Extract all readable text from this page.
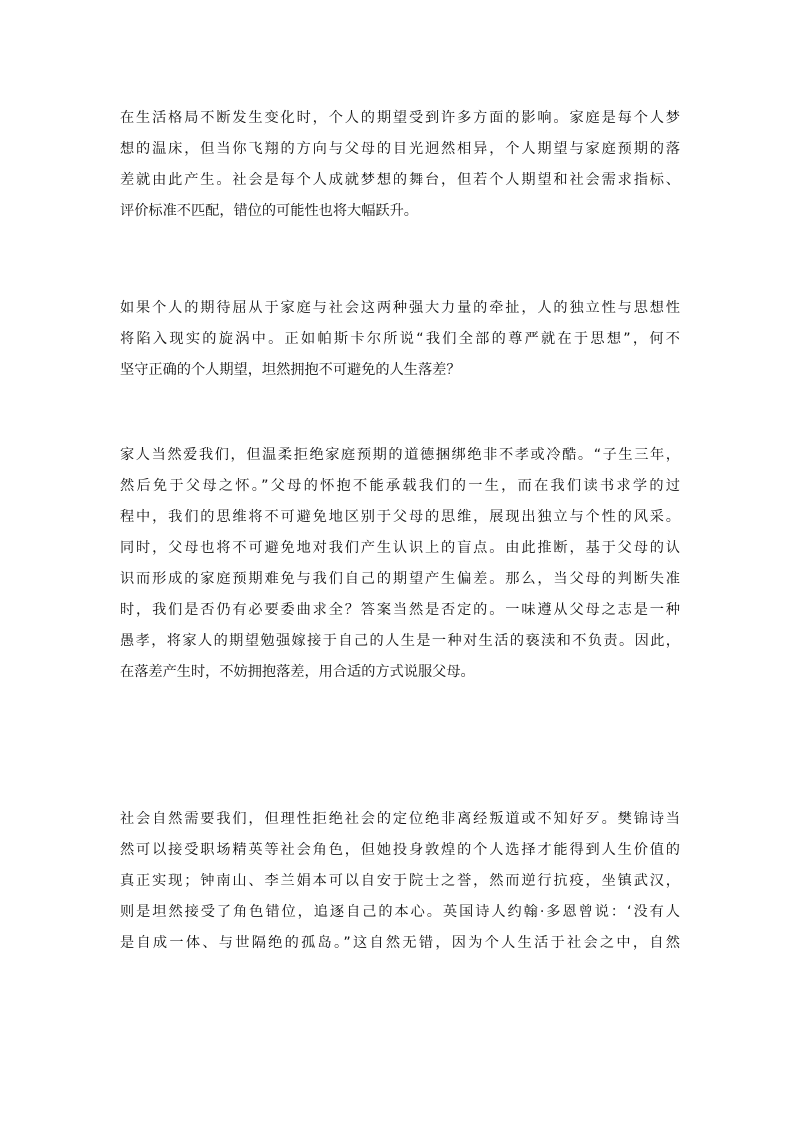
在生活格局不断发生变化时，个人的期望受到许多方面的影响。家庭是每个人梦
想的温床，但当你飞翔的方向与父母的目光迥然相异，个人期望与家庭预期的落
差就由此产生。社会是每个人成就梦想的舞台，但若个人期望和社会需求指标、
评价标准不匹配，错位的可能性也将大幅跃升。
如果个人的期待屈从于家庭与社会这两种强大力量的牵扯，人的独立性与思想性
将陷入现实的旋涡中。正如帕斯卡尔所说“我们全部的尊严就在于思想”，何不
坚守正确的个人期望，坦然拥抱不可避免的人生落差？
家人当然爱我们，但温柔拒绝家庭预期的道德捆绑绝非不孝或冷酷。“子生三年，
然后免于父母之怀。”父母的怀抱不能承载我们的一生，而在我们读书求学的过
程中，我们的思维将不可避免地区别于父母的思维，展现出独立与个性的风采。
同时，父母也将不可避免地对我们产生认识上的盲点。由此推断，基于父母的认
识而形成的家庭预期难免与我们自己的期望产生偏差。那么，当父母的判断失准
时，我们是否仍有必要委曲求全？答案当然是否定的。一味遵从父母之志是一种
愚孝，将家人的期望勉强嫁接于自己的人生是一种对生活的亵渎和不负责。因此，
在落差产生时，不妨拥抱落差，用合适的方式说服父母。
社会自然需要我们，但理性拒绝社会的定位绝非离经叛道或不知好歹。樊锦诗当
然可以接受职场精英等社会角色，但她投身敦煌的个人选择才能得到人生价值的
真正实现；钟南山、李兰娟本可以自安于院士之誉，然而逆行抗疫，坐镇武汉，
则是坦然接受了角色错位，追逐自己的本心。英国诗人约翰·多恩曾说：‘没有人
是自成一体、与世隔绝的孤岛。”这自然无错，因为个人生活于社会之中，自然
